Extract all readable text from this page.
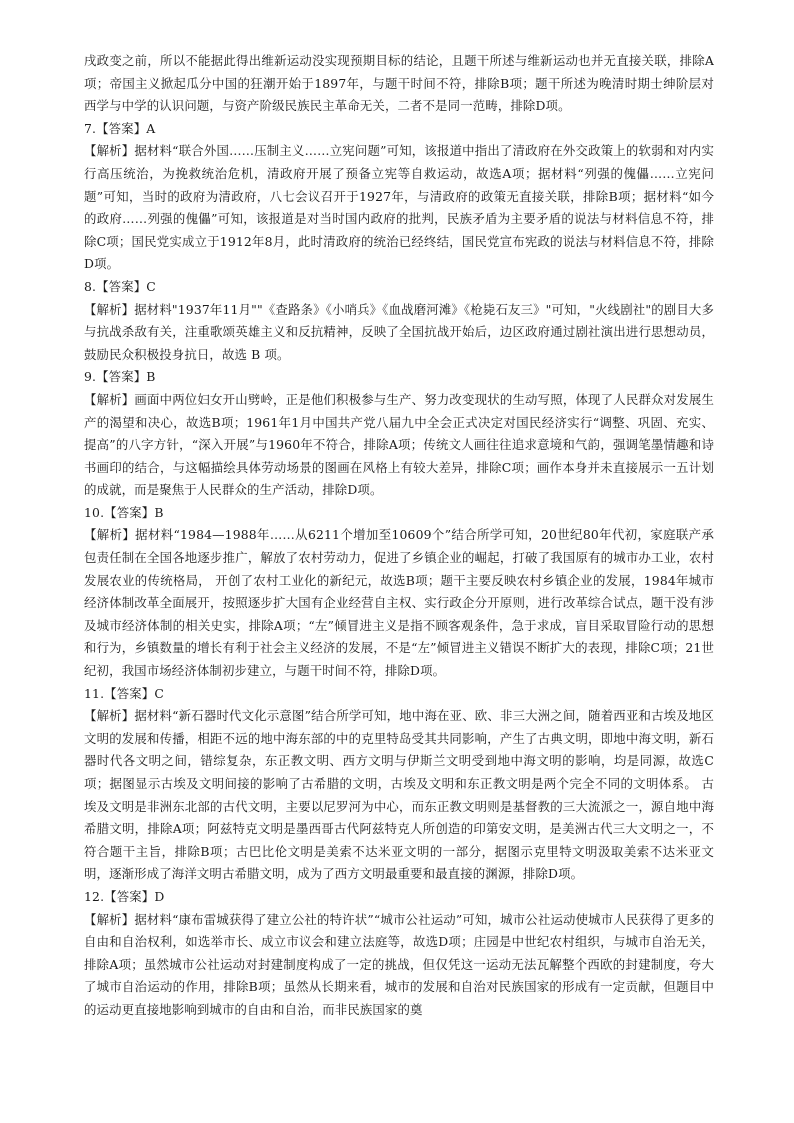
戌政变之前，所以不能据此得出维新运动没实现预期目标的结论，且题干所述与维新运动也并无直接关联，排除A项；帝国主义掀起瓜分中国的狂潮开始于1897年，与题干时间不符，排除B项；题干所述为晚清时期士绅阶层对西学与中学的认识问题，与资产阶级民族民主革命无关，二者不是同一范畴，排除D项。

7.【答案】A

【解析】据材料“联合外国……压制主义……立宪问题”可知，该报道中指出了清政府在外交政策上的软弱和对内实行高压统治，为挽救统治危机，清政府开展了预备立宪等自救运动，故选A项；据材料“列强的傀儡……立宪问题”可知，当时的政府为清政府，八七会议召开于1927年，与清政府的政策无直接关联，排除B项；据材料“如今的政府……列强的傀儡”可知，该报道是对当时国内政府的批判，民族矛盾为主要矛盾的说法与材料信息不符，排除C项；国民党实成立于1912年8月，此时清政府的统治已经终结，国民党宣布宪政的说法与材料信息不符，排除D项。

8.【答案】C

【解析】据材料"1937年11月""《查路条》《小哨兵》《血战磨河滩》《枪毙石友三》"可知，"火线剧社"的剧目大多与抗战杀敌有关，注重歌颂英雄主义和反抗精神，反映了全国抗战开始后，边区政府通过剧社演出进行思想动员，鼓励民众积极投身抗日，故选 B 项。

9.【答案】B

【解析】画面中两位妇女开山劈岭，正是他们积极参与生产、努力改变现状的生动写照，体现了人民群众对发展生产的渴望和决心，故选B项；1961年1月中国共产党八届九中全会正式决定对国民经济实行“调整、巩固、充实、提高”的八字方针，“深入开展”与1960年不符合，排除A项；传统文人画往往追求意境和气韵，强调笔墨情趣和诗书画印的结合，与这幅描绘具体劳动场景的图画在风格上有较大差异，排除C项；画作本身并未直接展示一五计划的成就，而是聚焦于人民群众的生产活动，排除D项。

10.【答案】B

【解析】据材料“1984—1988年……从6211个增加至10609个”结合所学可知，20世纪80年代初，家庭联产承包责任制在全国各地逐步推广，解放了农村劳动力，促进了乡镇企业的崛起，打破了我国原有的城市办工业，农村发展农业的传统格局， 开创了农村工业化的新纪元，故选B项；题干主要反映农村乡镇企业的发展，1984年城市经济体制改革全面展开，按照逐步扩大国有企业经营自主权、实行政企分开原则，进行改革综合试点，题干没有涉及城市经济体制的相关史实，排除A项；“左”倾冒进主义是指不顾客观条件，急于求成，盲目采取冒险行动的思想和行为，乡镇数量的增长有利于社会主义经济的发展，不是“左”倾冒进主义错误不断扩大的表现，排除C项；21世纪初，我国市场经济体制初步建立，与题干时间不符，排除D项。

11.【答案】C

【解析】据材料“新石器时代文化示意图”结合所学可知，地中海在亚、欧、非三大洲之间，随着西亚和古埃及地区文明的发展和传播，相距不远的地中海东部的中的克里特岛受其共同影响，产生了古典文明，即地中海文明，新石器时代各文明之间，错综复杂，东正教文明、西方文明与伊斯兰文明受到地中海文明的影响，均是同源，故选C项；据图显示古埃及文明间接的影响了古希腊的文明，古埃及文明和东正教文明是两个完全不同的文明体系。 古埃及文明是非洲东北部的古代文明，主要以尼罗河为中心，而东正教文明则是基督教的三大流派之一，源自地中海希腊文明，排除A项；阿兹特克文明是墨西哥古代阿兹特克人所创造的印第安文明，是美洲古代三大文明之一，不符合题干主旨，排除B项；古巴比伦文明是美索不达米亚文明的一部分，据图示克里特文明汲取美索不达米亚文明，逐渐形成了海洋文明古希腊文明，成为了西方文明最重要和最直接的渊源，排除D项。

12.【答案】D

【解析】据材料“康布雷城获得了建立公社的特许状”“城市公社运动”可知，城市公社运动使城市人民获得了更多的自由和自治权利，如选举市长、成立市议会和建立法庭等，故选D项；庄园是中世纪农村组织，与城市自治无关，排除A项；虽然城市公社运动对封建制度构成了一定的挑战，但仅凭这一运动无法瓦解整个西欧的封建制度，夸大了城市自治运动的作用，排除B项；虽然从长期来看，城市的发展和自治对民族国家的形成有一定贡献，但题目中的运动更直接地影响到城市的自由和自治，而非民族国家的奠
